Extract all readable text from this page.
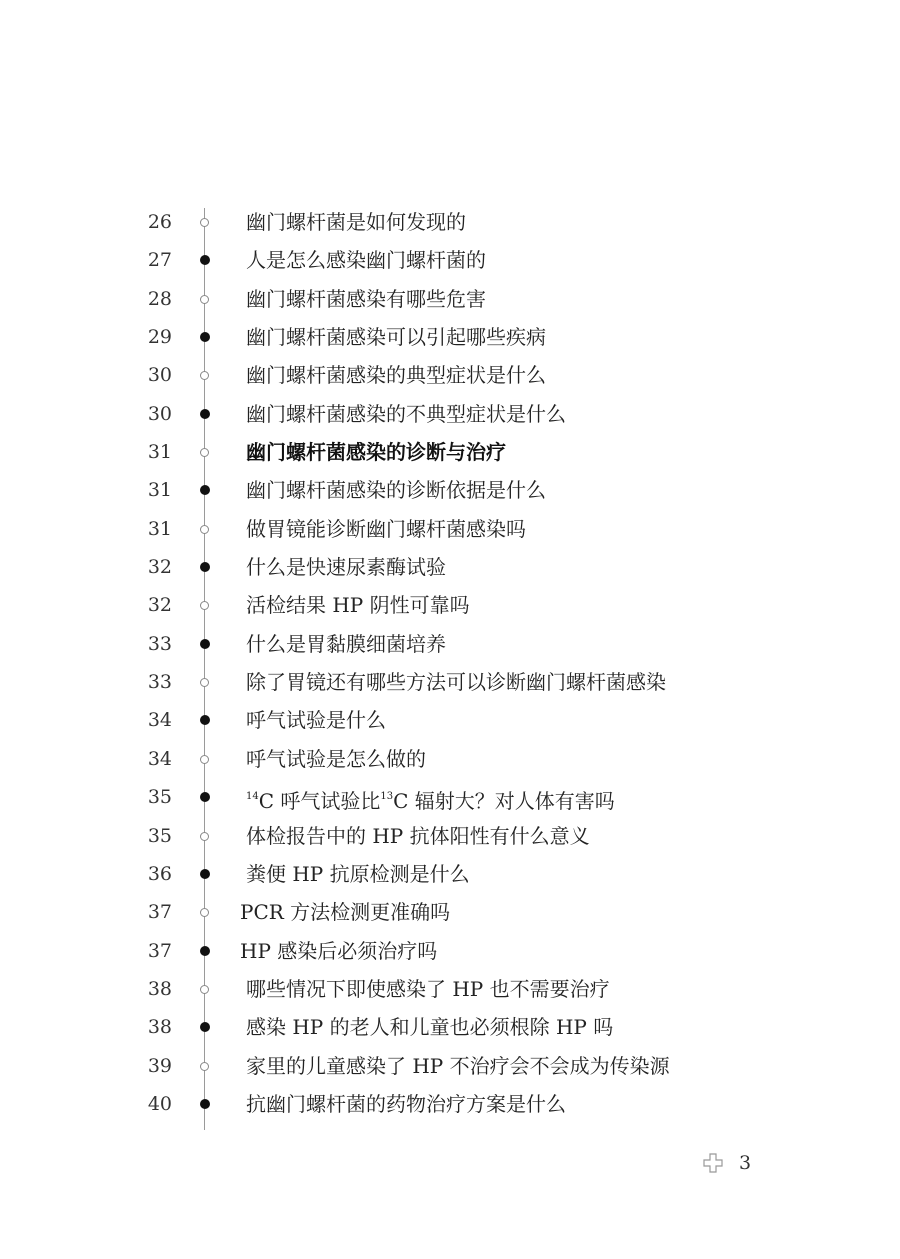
26	幽门螺杆菌是如何发现的
27	人是怎么感染幽门螺杆菌的
28	幽门螺杆菌感染有哪些危害
29	幽门螺杆菌感染可以引起哪些疾病
30	幽门螺杆菌感染的典型症状是什么
30	幽门螺杆菌感染的不典型症状是什么
31	幽门螺杆菌感染的诊断与治疗
31	幽门螺杆菌感染的诊断依据是什么
31	做胃镜能诊断幽门螺杆菌感染吗
32	什么是快速尿素酶试验
32	活检结果 HP 阴性可靠吗
33	什么是胃黏膜细菌培养
33	除了胃镜还有哪些方法可以诊断幽门螺杆菌感染
34	呼气试验是什么
34	呼气试验是怎么做的
35	$^{14}$C 呼气试验比$^{13}$C 辐射大？对人体有害吗
35	体检报告中的 HP 抗体阳性有什么意义
36	粪便 HP 抗原检测是什么
37	PCR 方法检测更准确吗
37	HP 感染后必须治疗吗
38	哪些情况下即使感染了 HP 也不需要治疗
38	感染 HP 的老人和儿童也必须根除 HP 吗
39	家里的儿童感染了 HP 不治疗会不会成为传染源
40	抗幽门螺杆菌的药物治疗方案是什么
3
